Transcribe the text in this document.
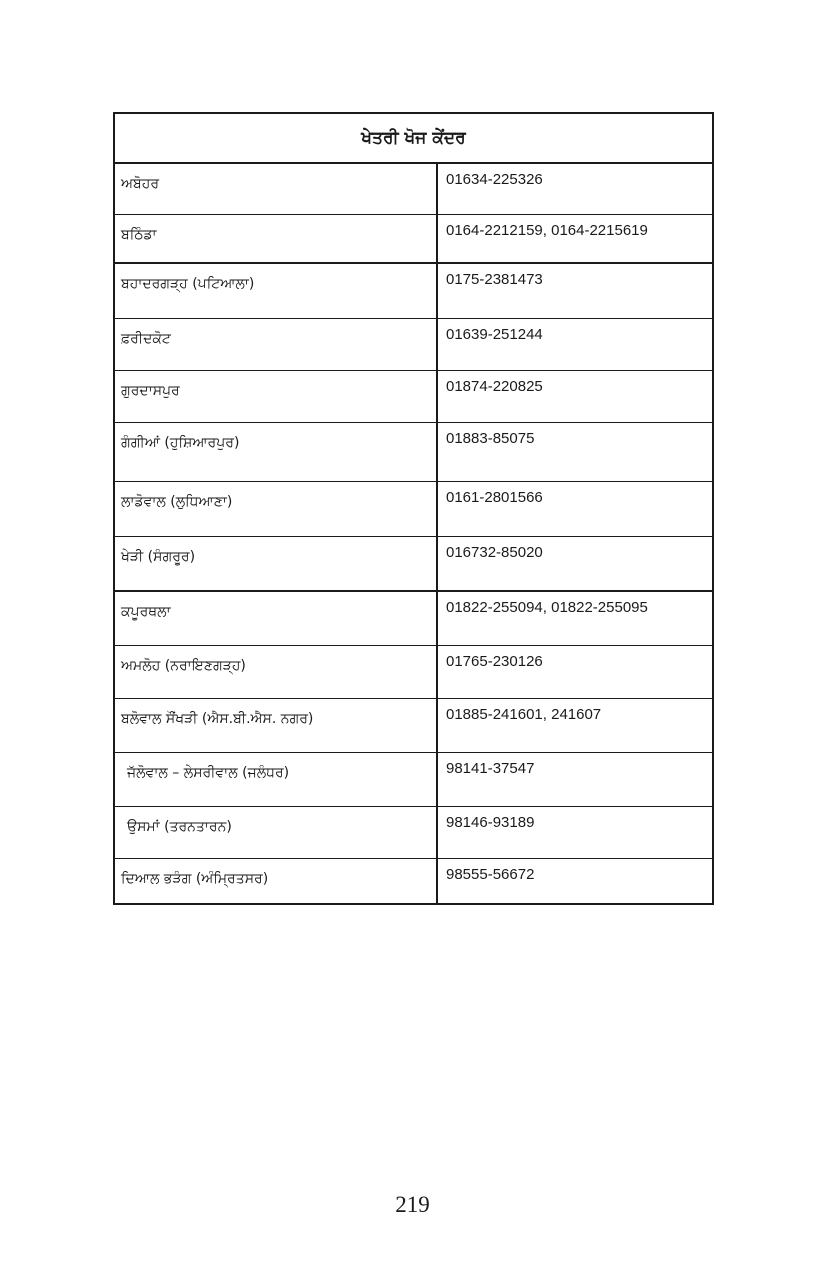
ਖੇਤਰੀ ਖੋਜ ਕੇਂਦਰ	
ਅਬੋਹਰ	01634-225326
ਬਠਿੰਡਾ	0164-2212159, 0164-2215619
ਬਹਾਦਰਗੜ੍ਹ (ਪਟਿਆਲਾ)	0175-2381473
ਫ਼ਰੀਦਕੋਟ	01639-251244
ਗੁਰਦਾਸਪੁਰ	01874-220825
ਗੰਗੀਆਂ (ਹੁਸ਼ਿਆਰਪੁਰ)	01883-85075
ਲਾਡੋਵਾਲ (ਲੁਧਿਆਣਾ)	0161-2801566
ਖੇੜੀ (ਸੰਗਰੂਰ)	016732-85020
ਕਪੂਰਥਲਾ	01822-255094, 01822-255095
ਅਮਲੋਹ (ਨਰਾਇਣਗੜ੍ਹ)	01765-230126
ਬਲੋਵਾਲ ਸੌਂਖੜੀ (ਐਸ.ਬੀ.ਐਸ. ਨਗਰ)	01885-241601, 241607
ਜੱਲੋਵਾਲ – ਲੇਸਰੀਵਾਲ (ਜਲੰਧਰ)	98141-37547
ਉਸਮਾਂ (ਤਰਨਤਾਰਨ)	98146-93189
ਦਿਆਲ ਭੜੰਗ (ਅੰਮ੍ਰਿਤਸਰ)	98555-56672
219
